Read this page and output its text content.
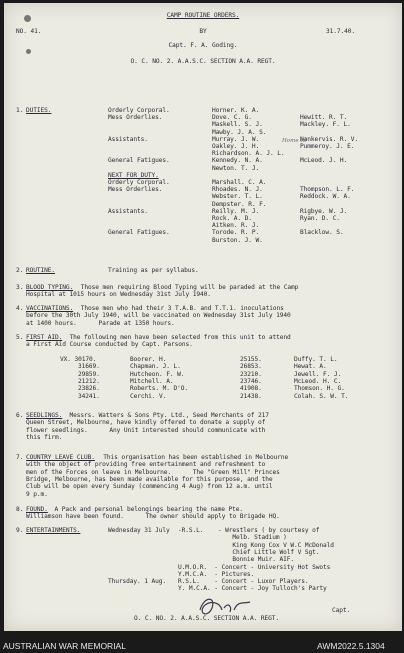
CAMP ROUTINE ORDERS.
NO. 41.	BY	31.7.40.
Capt. F. A. Goding.
O. C. NO. 2. A.A.S.C. SECTION A.A. REGT.
1. DUTIES.	Orderly Corporal.	Horner. K. A.
Mess Orderlies.	Dove. C. G.	Hewitt. R. T.
Maskell. S. J.	Mackley. F. L.
Mawby. J. A. S.
Assistants.	Murray. J. W.	Nankervis. R. V.
Oakley. J. H.	Pummeroy. J. E.
Richardson. A. J. L.
General Fatigues.	Kennedy. N. A.	McLeod. J. H.
Newton. T. J.
NEXT FOR DUTY.
Orderly Corporal.	Marshall. C. A.
Mess Orderlies.	Rhoades. N. J.	Thompson. L. F.
Webster. T. L.	Reddock. W. A.
Dempster. R. F.
Assistants.	Reilly. M. J.	Rigbye. W. J.
Rock. A. D.	Ryan. D. C.
Aitken. R. J.
General Fatigues.	Torode. R. P.	Blacklow. S.
Burston. J. W.
2. ROUTINE.	Training as per syllabus.
3. BLOOD TYPING. Those men requiring Blood Typing will be paraded at the Camp
Hospital at 1015 hours on Wednesday 31st July 1940.
4. VACCINATIONS. Those men who had their 3 T.A.B. and T.T.1. inoculations
before the 30th July 1940, will be vaccinated on Wednesday 31st July 1940
at 1400 hours.      Parade at 1350 hours.
5. FIRST AID. The following men have been selected from this unit to attend
a First Aid Course conducted by Capt. Parsons.
VX. 30170.	Boorer. H.	25155.	Duffy. T. L.
31669.	Chapman. J. L.	26853.	Hewat. A.
29859.	Hutcheon. F. W.	23210.	Jewell. F. J.
21212.	Mitchell. A.	23746.	McLeod. H. C.
23826.	Roberts. M. D'O.	41908.	Thomson. H. G.
34241.	Cerchi. V.	21438.	Colah. S. W. T.
6. SEEDLINGS. Messrs. Watters & Sons Pty. Ltd., Seed Merchants of 217
Queen Street, Melbourne, have kindly offered to donate a supply of
flower seedlings.      Any Unit interested should communicate with
this firm.
7. COUNTRY LEAVE CLUB. This organisation has been established in Melbourne
with the object of providing free entertainment and refreshment to
men of the Forces on leave in Melbourne.      The "Green Mill" Princes
Bridge, Melbourne, has been made available for this purpose, and the
Club will be open every Sunday (commencing 4 Aug) from 12 a.m. until
9 p.m.
8. FOUND. A Pack and personal belongings bearing the name Pte.
Williamson have been found.      The owner should apply to Brigade HQ.
9. ENTERTAINMENTS.	Wednesday 31 July -R.S.L.    - Wrestlers ( by courtesy of
Melb. Stadium )
King Kong Cox V W.C McDonald
Chief Little Wolf V Sgt.
Bonnie Muir. AIF.
U.M.O.R.  - Concert - University Hot Swots
Y.M.C.A.  - Pictures.
Thursday. 1 Aug. R.S.L.    - Concert - Luxor Players.
Y. M.C.A. - Concert - Joy Tulloch's Party
Capt.
O. C. NO. 2. A.A.S.C. SECTION A.A. REGT.
Home Rl
AUSTRALIAN WAR MEMORIAL	AWM2022.5.1304
